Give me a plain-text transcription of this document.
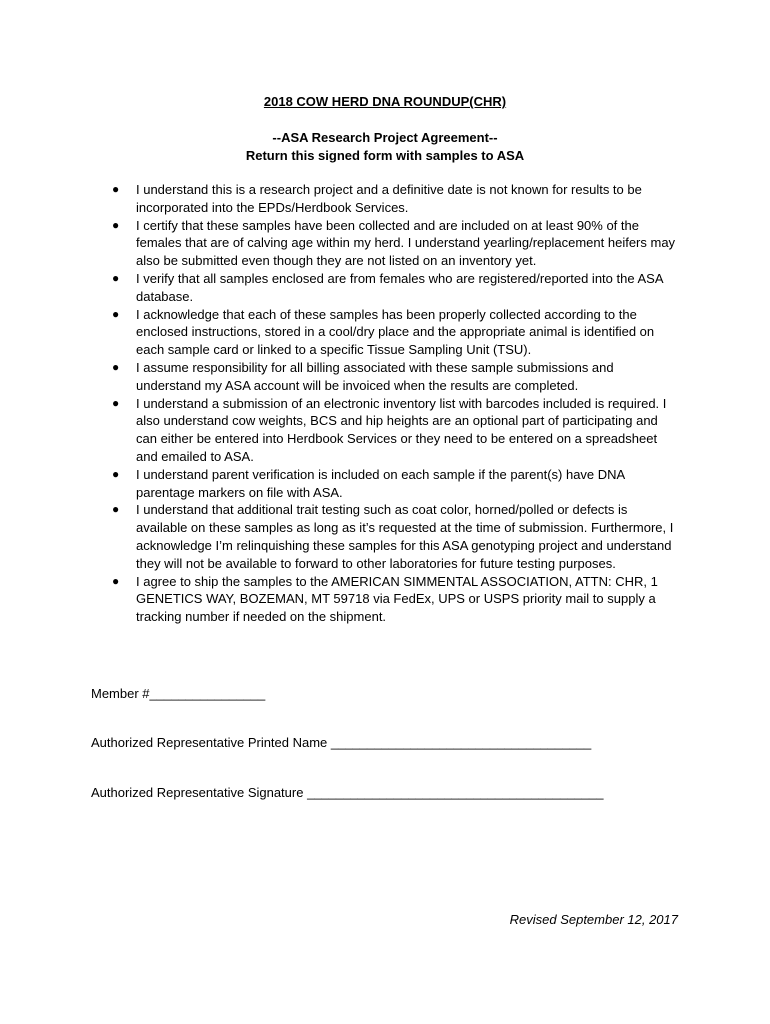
2018 COW HERD DNA ROUNDUP(CHR)
--ASA Research Project Agreement--
Return this signed form with samples to ASA
● I understand this is a research project and a definitive date is not known for results to be incorporated into the EPDs/Herdbook Services.
● I certify that these samples have been collected and are included on at least 90% of the females that are of calving age within my herd. I understand yearling/replacement heifers may also be submitted even though they are not listed on an inventory yet.
● I verify that all samples enclosed are from females who are registered/reported into the ASA database.
● I acknowledge that each of these samples has been properly collected according to the enclosed instructions, stored in a cool/dry place and the appropriate animal is identified on each sample card or linked to a specific Tissue Sampling Unit (TSU).
● I assume responsibility for all billing associated with these sample submissions and understand my ASA account will be invoiced when the results are completed.
● I understand a submission of an electronic inventory list with barcodes included is required. I also understand cow weights, BCS and hip heights are an optional part of participating and can either be entered into Herdbook Services or they need to be entered on a spreadsheet and emailed to ASA.
● I understand parent verification is included on each sample if the parent(s) have DNA parentage markers on file with ASA.
● I understand that additional trait testing such as coat color, horned/polled or defects is available on these samples as long as it’s requested at the time of submission. Furthermore, I acknowledge I’m relinquishing these samples for this ASA genotyping project and understand they will not be available to forward to other laboratories for future testing purposes.
● I agree to ship the samples to the AMERICAN SIMMENTAL ASSOCIATION, ATTN: CHR, 1 GENETICS WAY, BOZEMAN, MT 59718 via FedEx, UPS or USPS priority mail to supply a tracking number if needed on the shipment.
Member #________________
Authorized Representative Printed Name ____________________________________
Authorized Representative Signature _________________________________________
Revised September 12, 2017
